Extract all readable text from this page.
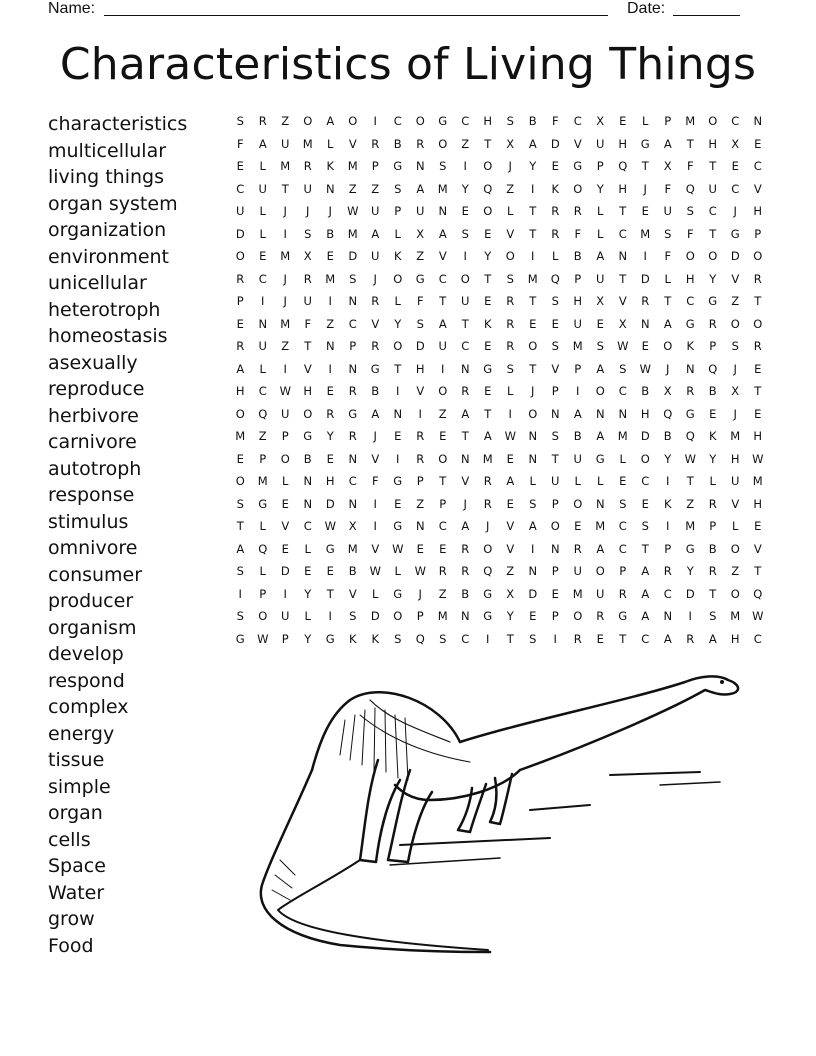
Name:	Date:
Characteristics of Living Things
characteristics
multicellular
living things
organ system
organization
environment
unicellular
heterotroph
homeostasis
asexually
reproduce
herbivore
carnivore
autotroph
response
stimulus
omnivore
consumer
producer
organism
develop
respond
complex
energy
tissue
simple
organ
cells
Space
Water
grow
Food
S	R	Z	O	A	O	I	C	O	G	C	H	S	B	F	C	X	E	L	P	M	O	C	N
F	A	U	M	L	V	R	B	R	O	Z	T	X	A	D	V	U	H	G	A	T	H	X	E
E	L	M	R	K	M	P	G	N	S	I	O	J	Y	E	G	P	Q	T	X	F	T	E	C
C	U	T	U	N	Z	Z	S	A	M	Y	Q	Z	I	K	O	Y	H	J	F	Q	U	C	V
U	L	J	J	J	W	U	P	U	N	E	O	L	T	R	R	L	T	E	U	S	C	J	H
D	L	I	S	B	M	A	L	X	A	S	E	V	T	R	F	L	C	M	S	F	T	G	P
O	E	M	X	E	D	U	K	Z	V	I	Y	O	I	L	B	A	N	I	F	O	O	D	O
R	C	J	R	M	S	J	O	G	C	O	T	S	M	Q	P	U	T	D	L	H	Y	V	R
P	I	J	U	I	N	R	L	F	T	U	E	R	T	S	H	X	V	R	T	C	G	Z	T
E	N	M	F	Z	C	V	Y	S	A	T	K	R	E	E	U	E	X	N	A	G	R	O	O
R	U	Z	T	N	P	R	O	D	U	C	E	R	O	S	M	S	W	E	O	K	P	S	R
A	L	I	V	I	N	G	T	H	I	N	G	S	T	V	P	A	S	W	J	N	Q	J	E
H	C	W	H	E	R	B	I	V	O	R	E	L	J	P	I	O	C	B	X	R	B	X	T
O	Q	U	O	R	G	A	N	I	Z	A	T	I	O	N	A	N	N	H	Q	G	E	J	E
M	Z	P	G	Y	R	J	E	R	E	T	A	W	N	S	B	A	M	D	B	Q	K	M	H
E	P	O	B	E	N	V	I	R	O	N	M	E	N	T	U	G	L	O	Y	W	Y	H	W
O	M	L	N	H	C	F	G	P	T	V	R	A	L	U	L	L	E	C	I	T	L	U	M
S	G	E	N	D	N	I	E	Z	P	J	R	E	S	P	O	N	S	E	K	Z	R	V	H
T	L	V	C	W	X	I	G	N	C	A	J	V	A	O	E	M	C	S	I	M	P	L	E
A	Q	E	L	G	M	V	W	E	E	R	O	V	I	N	R	A	C	T	P	G	B	O	V
S	L	D	E	E	B	W	L	W	R	R	Q	Z	N	P	U	O	P	A	R	Y	R	Z	T
I	P	I	Y	T	V	L	G	J	Z	B	G	X	D	E	M	U	R	A	C	D	T	O	Q
S	O	U	L	I	S	D	O	P	M	N	G	Y	E	P	O	R	G	A	N	I	S	M	W
G	W	P	Y	G	K	K	S	Q	S	C	I	T	S	I	R	E	T	C	A	R	A	H	C
